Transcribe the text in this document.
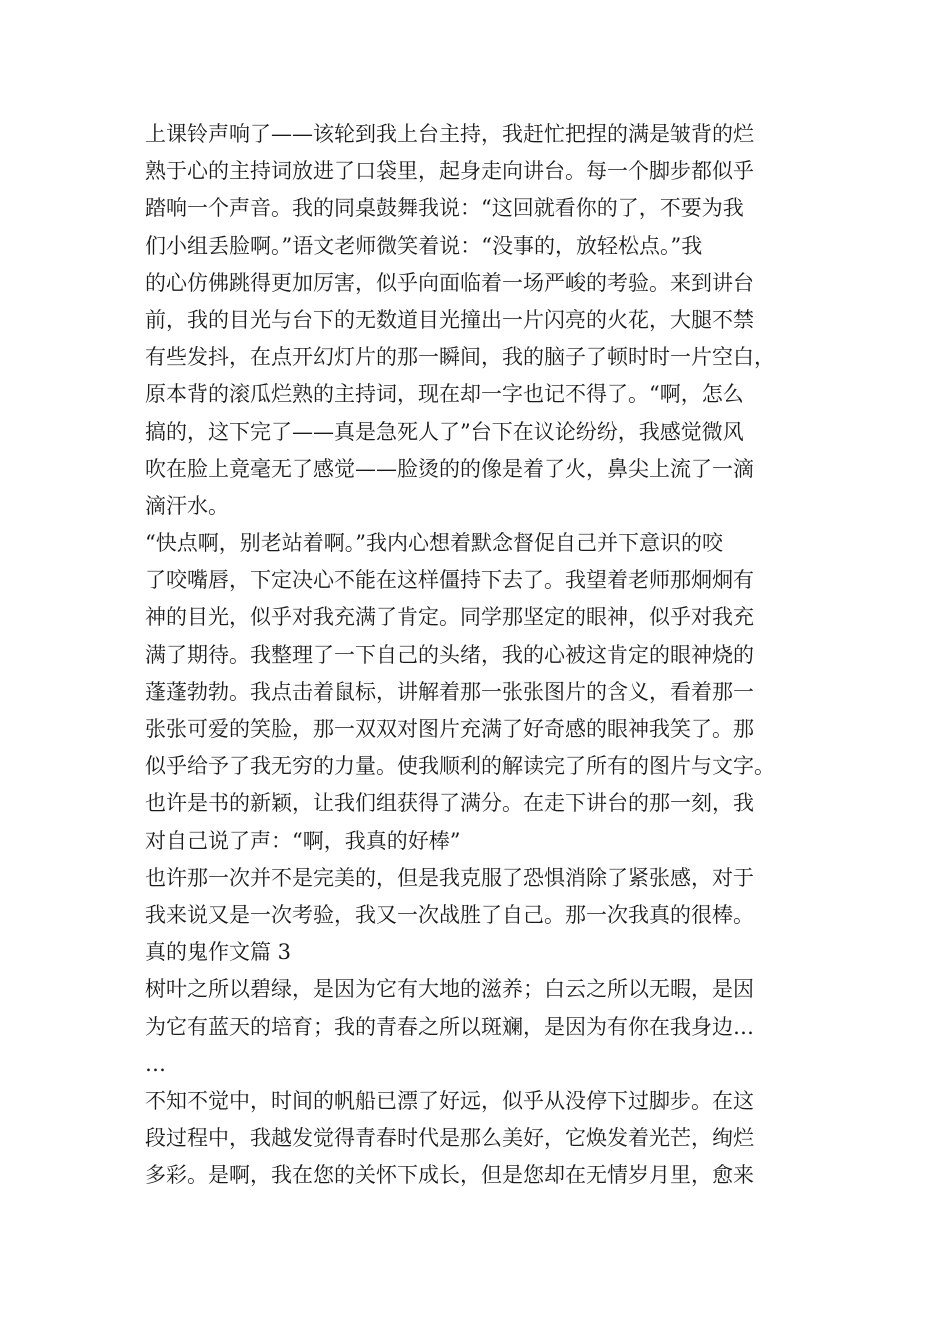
上课铃声响了——该轮到我上台主持，我赶忙把捏的满是皱背的烂
熟于心的主持词放进了口袋里，起身走向讲台。每一个脚步都似乎
踏响一个声音。我的同桌鼓舞我说：“这回就看你的了，不要为我
们小组丢脸啊。”语文老师微笑着说：“没事的，放轻松点。”我
的心仿佛跳得更加厉害，似乎向面临着一场严峻的考验。来到讲台
前，我的目光与台下的无数道目光撞出一片闪亮的火花，大腿不禁
有些发抖，在点开幻灯片的那一瞬间，我的脑子了顿时时一片空白，
原本背的滚瓜烂熟的主持词，现在却一字也记不得了。“啊，怎么
搞的，这下完了——真是急死人了”台下在议论纷纷，我感觉微风
吹在脸上竟毫无了感觉——脸烫的的像是着了火，鼻尖上流了一滴
滴汗水。
“快点啊，别老站着啊。”我内心想着默念督促自己并下意识的咬
了咬嘴唇，下定决心不能在这样僵持下去了。我望着老师那炯炯有
神的目光，似乎对我充满了肯定。同学那坚定的眼神，似乎对我充
满了期待。我整理了一下自己的头绪，我的心被这肯定的眼神烧的
蓬蓬勃勃。我点击着鼠标，讲解着那一张张图片的含义，看着那一
张张可爱的笑脸，那一双双对图片充满了好奇感的眼神我笑了。那
似乎给予了我无穷的力量。使我顺利的解读完了所有的图片与文字。
也许是书的新颖，让我们组获得了满分。在走下讲台的那一刻，我
对自己说了声：“啊，我真的好棒”
也许那一次并不是完美的，但是我克服了恐惧消除了紧张感，对于
我来说又是一次考验，我又一次战胜了自己。那一次我真的很棒。
真的鬼作文篇 3
树叶之所以碧绿，是因为它有大地的滋养；白云之所以无暇，是因
为它有蓝天的培育；我的青春之所以斑斓，是因为有你在我身边…
…
不知不觉中，时间的帆船已漂了好远，似乎从没停下过脚步。在这
段过程中，我越发觉得青春时代是那么美好，它焕发着光芒，绚烂
多彩。是啊，我在您的关怀下成长，但是您却在无情岁月里，愈来
